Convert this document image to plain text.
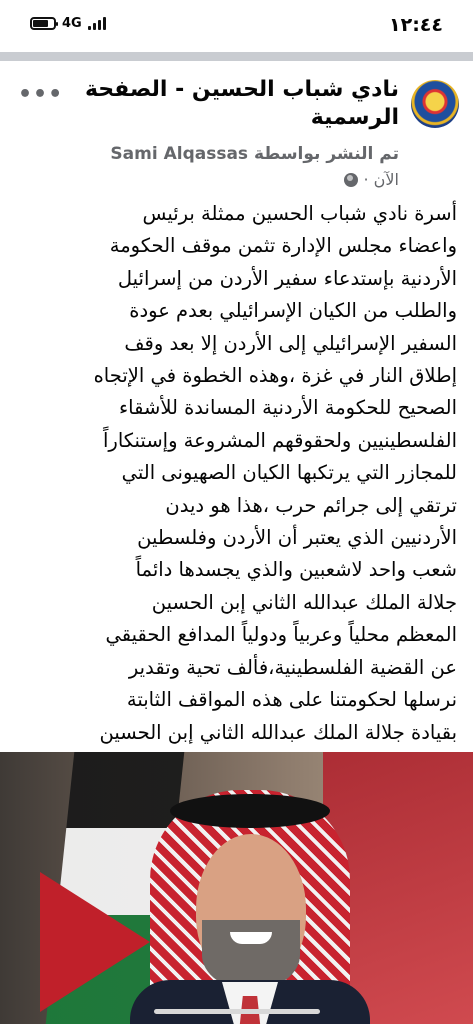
4G	١٢:٤٤
نادي شباب الحسين - الصفحة الرسمية
•••
تم النشر بواسطة Sami Alqassas
الآن ·
أسرة نادي شباب الحسين ممثلة برئيس
واعضاء مجلس الإدارة تثمن موقف الحكومة
الأردنية بإستدعاء سفير الأردن من إسرائيل
والطلب من الكيان الإسرائيلي بعدم عودة
السفير الإسرائيلي إلى الأردن إلا بعد وقف
إطلاق النار في غزة ،وهذه الخطوة في الإتجاه
الصحيح للحكومة الأردنية المساندة للأشقاء
الفلسطينيين ولحقوقهم المشروعة وإستنكاراً
للمجازر التي يرتكبها الكيان الصهيونى التي
ترتقي إلى جرائم حرب ،هذا هو ديدن
الأردنيين الذي يعتبر أن الأردن وفلسطين
شعب واحد لاشعبين والذي يجسدها دائماً
جلالة الملك عبدالله الثاني إبن الحسين
المعظم محلياً وعربياً ودولياً المدافع الحقيقي
عن القضية الفلسطينية،فألف تحية وتقدير
نرسلها لحكومتنا على هذه المواقف الثابتة
بقيادة جلالة الملك عبدالله الثاني إبن الحسين
